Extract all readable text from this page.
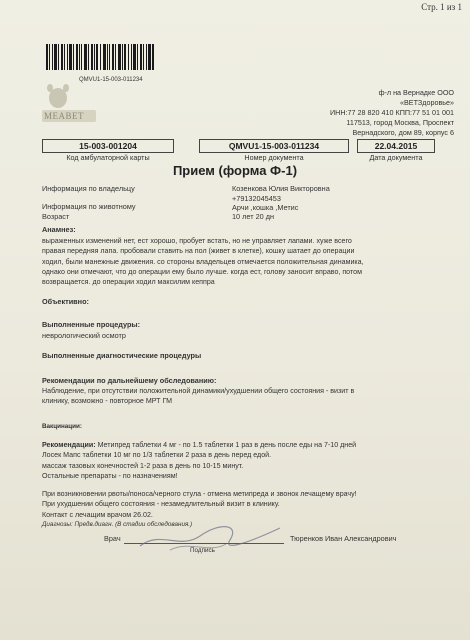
Стр. 1 из 1
QMVU1-15-003-011234
MEABET
ф-л на Вернадке ООО
«ВЕТЗдоровье»
ИНН:77 28 820 410 КПП:77 51 01 001
117513, город Москва, Проспект
Вернадского, дом 89, корпус 6
15-003-001204
Код амбулаторной карты
QMVU1-15-003-011234
Номер документа
22.04.2015
Дата документа
Прием (форма Ф-1)
Информация по владельцу	Козенкова Юлия Викторовна
+79132045453
Информация по животному	Арчи ,кошка ,Метис
Возраст	10 лет 20 дн
Анамнез:
выраженных изменений нет, ест хорошо, пробует встать, но не управляет лапами. хуже всего
правая передняя лапа. пробовали ставить на пол (живет в клетке), кошку шатает до операции
ходил, были манежные движения. со стороны владельцев отмечается положительная динамика,
однако они отмечают, что до операции ему было лучше. когда ест, голову заносит вправо, потом
возвращается. до операции ходил максилим кеппра
Объективно:
Выполненные процедуры:
неврологический осмотр
Выполненные диагностические процедуры
Рекомендации по дальнейшему обследованию:
Наблюдение, при отсутствии положительной динамики/ухудшении общего состояния - визит в
клинику, возможно - повторное МРТ ГМ
Вакцинации:
Рекомендации: Метипред таблетки 4 мг - по 1.5 таблетки 1 раз в день после еды на 7-10 дней
Лосек Мапс таблетки 10 мг по 1/3 таблетки 2 раза в день перед едой.
массаж тазовых конечностей 1-2 раза в день по 10-15 минут.
Остальные препараты - по назначениям!
При возникновении рвоты/поноса/черного стула - отмена метипреда и звонок лечащему врачу!
При ухудшении общего состояния - незамедлительный визит в клинику.
Контакт с лечащим врачом 26.02.
Диагнозы: Предв.диагн. (В стадии обследования.)
Врач	Тюренков Иван Александрович
Подпись
